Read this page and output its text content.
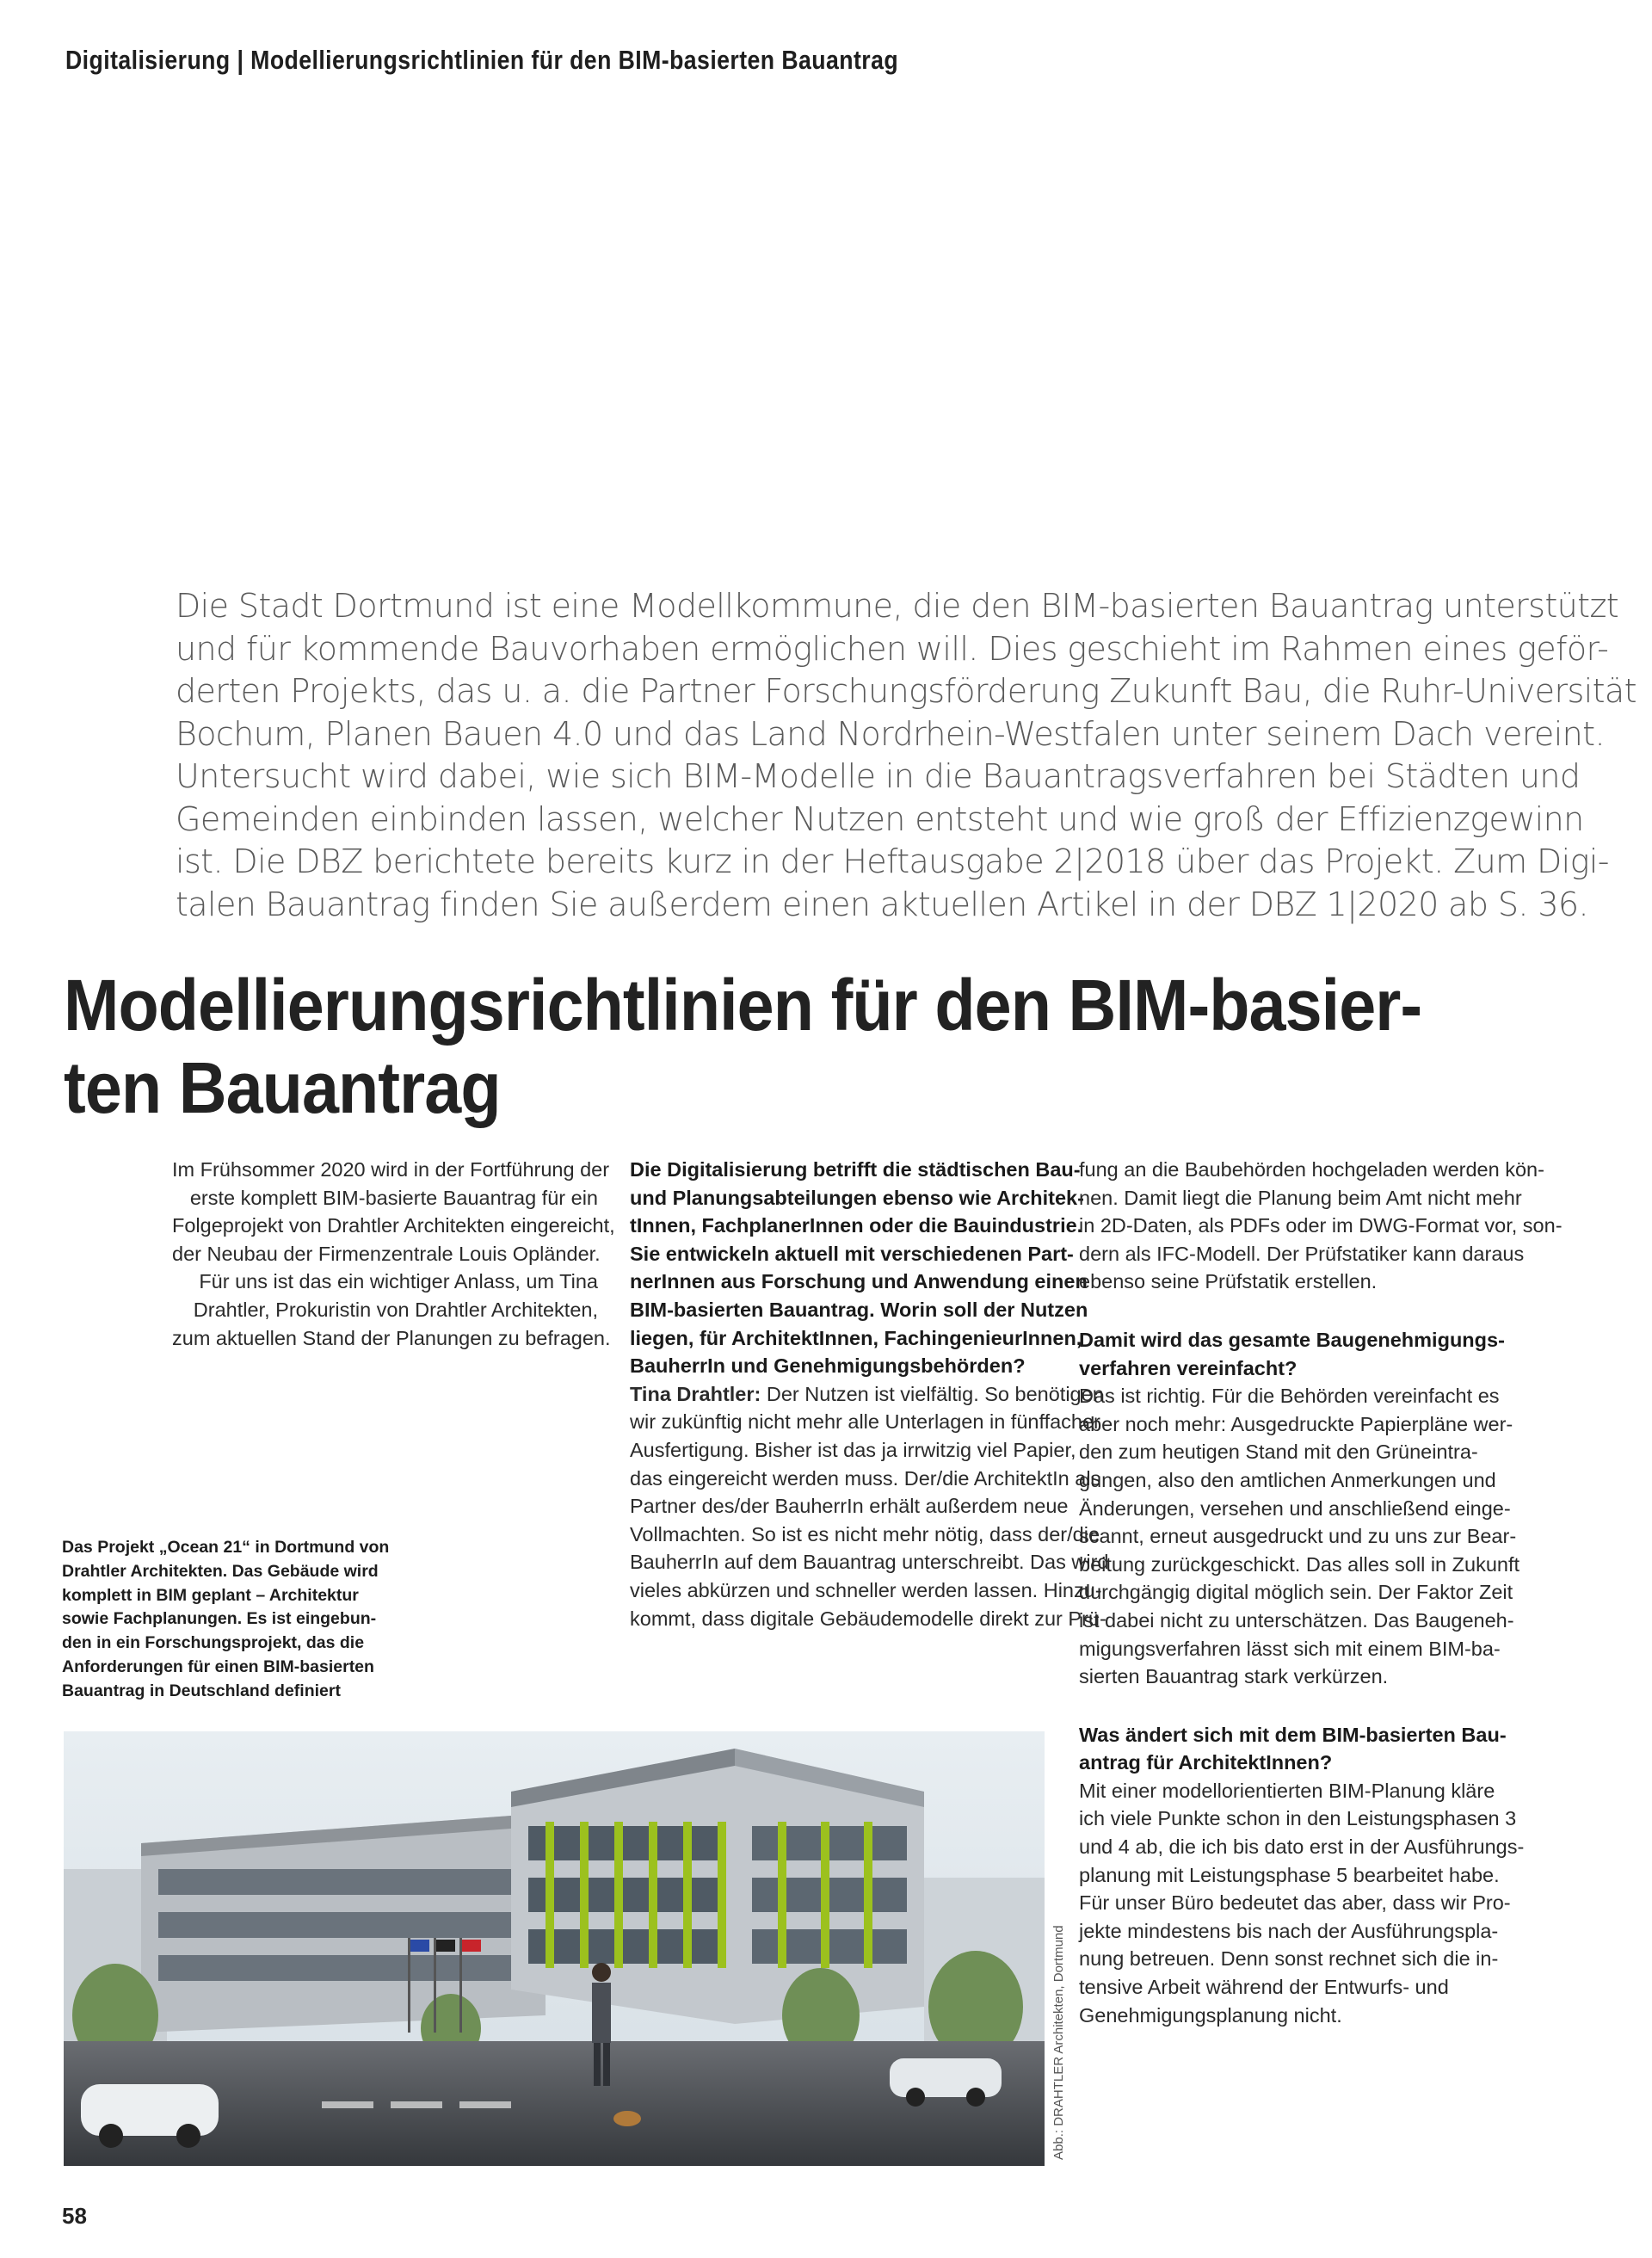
Digitalisierung | Modellierungsrichtlinien für den BIM-basierten Bauantrag
Die Stadt Dortmund ist eine Modellkommune, die den BIM-basierten Bauantrag unterstützt
und für kommende Bauvorhaben ermöglichen will. Dies geschieht im Rahmen eines geför-
derten Projekts, das u. a. die Partner Forschungsförderung Zukunft Bau, die Ruhr-Universität
Bochum, Planen Bauen 4.0 und das Land Nordrhein-Westfalen unter seinem Dach vereint.
Untersucht wird dabei, wie sich BIM-Modelle in die Bauantragsverfahren bei Städten und
Gemeinden einbinden lassen, welcher Nutzen entsteht und wie groß der Effizienzgewinn
ist. Die DBZ berichtete bereits kurz in der Heftausgabe 2|2018 über das Projekt. Zum Digi-
talen Bauantrag finden Sie außerdem einen aktuellen Artikel in der DBZ 1|2020 ab S. 36.
Modellierungsrichtlinien für den BIM-basier-
ten Bauantrag
Im Frühsommer 2020 wird in der Fortführung der
erste komplett BIM-basierte Bauantrag für ein
Folgeprojekt von Drahtler Architekten eingereicht,
der Neubau der Firmenzentrale Louis Opländer.
Für uns ist das ein wichtiger Anlass, um Tina
Drahtler, Prokuristin von Drahtler Architekten,
zum aktuellen Stand der Planungen zu befragen.
Das Projekt „Ocean 21“ in Dortmund von
Drahtler Architekten. Das Gebäude wird
komplett in BIM geplant – Architektur
sowie Fachplanungen. Es ist eingebun-
den in ein Forschungsprojekt, das die
Anforderungen für einen BIM-basierten
Bauantrag in Deutschland definiert
Die Digitalisierung betrifft die städtischen Bau-
und Planungsabteilungen ebenso wie Architek-
tInnen, FachplanerInnen oder die Bauindustrie.
Sie entwickeln aktuell mit verschiedenen Part-
nerInnen aus Forschung und Anwendung einen
BIM-basierten Bauantrag. Worin soll der Nutzen
liegen, für ArchitektInnen, FachingenieurInnen,
BauherrIn und Genehmigungsbehörden?
Tina Drahtler: Der Nutzen ist vielfältig. So benötigen
wir zukünftig nicht mehr alle Unterlagen in fünffacher
Ausfertigung. Bisher ist das ja irrwitzig viel Papier,
das eingereicht werden muss. Der/die ArchitektIn als
Partner des/der BauherrIn erhält außerdem neue
Vollmachten. So ist es nicht mehr nötig, dass der/die
BauherrIn auf dem Bauantrag unterschreibt. Das wird
vieles abkürzen und schneller werden lassen. Hinzu-
kommt, dass digitale Gebäudemodelle direkt zur Prü-
fung an die Baubehörden hochgeladen werden kön-
nen. Damit liegt die Planung beim Amt nicht mehr
in 2D-Daten, als PDFs oder im DWG-Format vor, son-
dern als IFC-Modell. Der Prüfstatiker kann daraus
ebenso seine Prüfstatik erstellen.
Damit wird das gesamte Baugenehmigungs-
verfahren vereinfacht?
Das ist richtig. Für die Behörden vereinfacht es
aber noch mehr: Ausgedruckte Papierpläne wer-
den zum heutigen Stand mit den Grüneintra-
gungen, also den amtlichen Anmerkungen und
Änderungen, versehen und anschließend einge-
scannt, erneut ausgedruckt und zu uns zur Bear-
beitung zurückgeschickt. Das alles soll in Zukunft
durchgängig digital möglich sein. Der Faktor Zeit
ist dabei nicht zu unterschätzen. Das Baugeneh-
migungsverfahren lässt sich mit einem BIM-ba-
sierten Bauantrag stark verkürzen.
Was ändert sich mit dem BIM-basierten Bau-
antrag für ArchitektInnen?
Mit einer modellorientierten BIM-Planung kläre
ich viele Punkte schon in den Leistungsphasen 3
und 4 ab, die ich bis dato erst in der Ausführungs-
planung mit Leistungsphase 5 bearbeitet habe.
Für unser Büro bedeutet das aber, dass wir Pro-
jekte mindestens bis nach der Ausführungspla-
nung betreuen. Denn sonst rechnet sich die in-
tensive Arbeit während der Entwurfs- und
Genehmigungsplanung nicht.
Abb.: DRAHTLER Architekten, Dortmund
58
